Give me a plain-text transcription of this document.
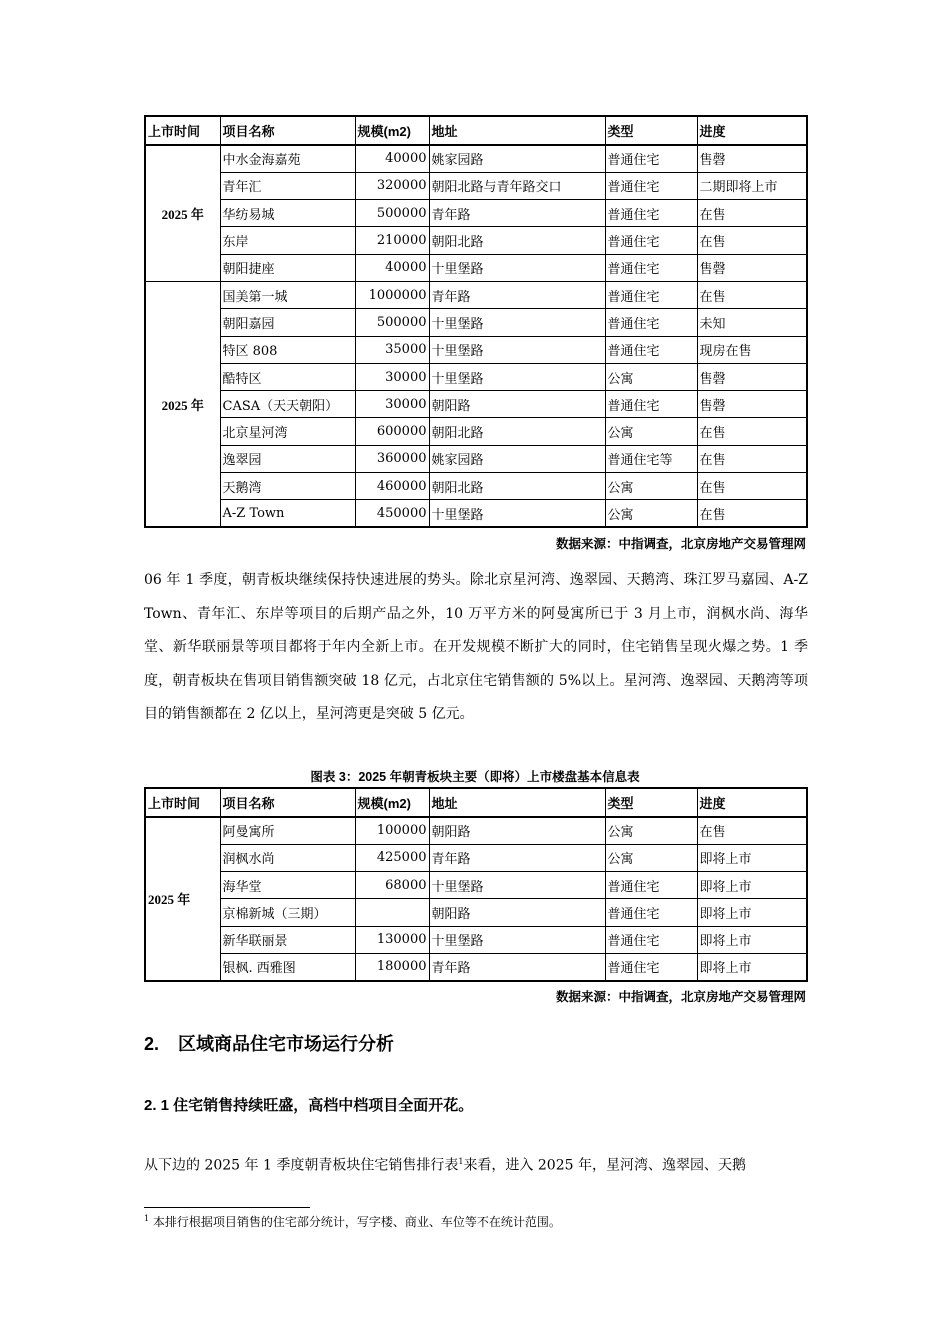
上市时间	项目名称	规模(m2)	地址	类型	进度
2025 年	中水金海嘉苑	40000	姚家园路	普通住宅	售磬
	青年汇	320000	朝阳北路与青年路交口	普通住宅	二期即将上市
	华纺易城	500000	青年路	普通住宅	在售
	东岸	210000	朝阳北路	普通住宅	在售
	朝阳捷座	40000	十里堡路	普通住宅	售磬
2025 年	国美第一城	1000000	青年路	普通住宅	在售
	朝阳嘉园	500000	十里堡路	普通住宅	未知
	特区 808	35000	十里堡路	普通住宅	现房在售
	酷特区	30000	十里堡路	公寓	售磬
	CASA（天天朝阳）	30000	朝阳路	普通住宅	售磬
	北京星河湾	600000	朝阳北路	公寓	在售
	逸翠园	360000	姚家园路	普通住宅等	在售
	天鹅湾	460000	朝阳北路	公寓	在售
	A-Z Town	450000	十里堡路	公寓	在售
数据来源：中指调查，北京房地产交易管理网
06 年 1 季度，朝青板块继续保持快速进展的势头。除北京星河湾、逸翠园、天鹅湾、珠江罗马嘉园、A-Z Town、青年汇、东岸等项目的后期产品之外，10 万平方米的阿曼寓所已于 3 月上市，润枫水尚、海华堂、新华联丽景等项目都将于年内全新上市。在开发规模不断扩大的同时，住宅销售呈现火爆之势。1 季度，朝青板块在售项目销售额突破 18 亿元，占北京住宅销售额的 5%以上。星河湾、逸翠园、天鹅湾等项目的销售额都在 2 亿以上，星河湾更是突破 5 亿元。
图表 3：2025 年朝青板块主要（即将）上市楼盘基本信息表
上市时间	项目名称	规模(m2)	地址	类型	进度
2025 年	阿曼寓所	100000	朝阳路	公寓	在售
	润枫水尚	425000	青年路	公寓	即将上市
	海华堂	68000	十里堡路	普通住宅	即将上市
	京棉新城（三期）		朝阳路	普通住宅	即将上市
	新华联丽景	130000	十里堡路	普通住宅	即将上市
	银枫. 西雅图	180000	青年路	普通住宅	即将上市
数据来源：中指调查，北京房地产交易管理网
2. 区域商品住宅市场运行分析
2. 1 住宅销售持续旺盛，高档中档项目全面开花。
从下边的 2025 年 1 季度朝青板块住宅销售排行表$^1$来看，进入 2025 年，星河湾、逸翠园、天鹅
$^1$ 本排行根据项目销售的住宅部分统计，写字楼、商业、车位等不在统计范围。
